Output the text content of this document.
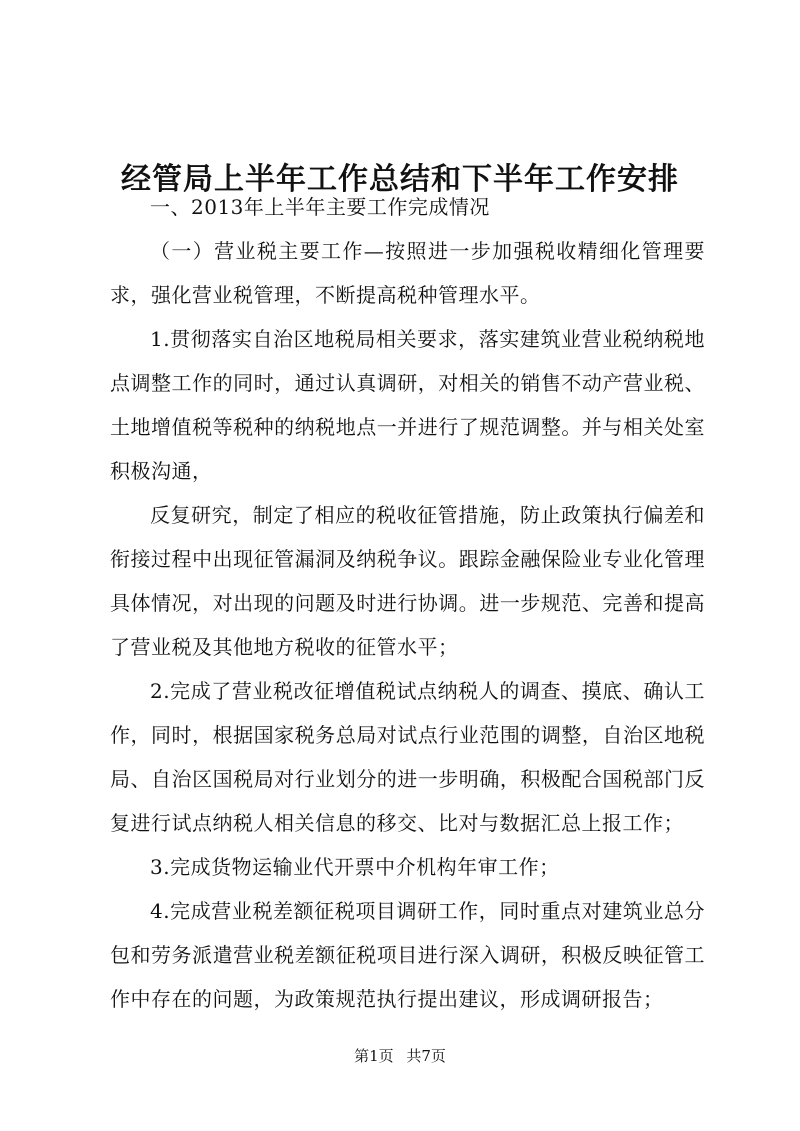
经管局上半年工作总结和下半年工作安排

一、2013年上半年主要工作完成情况

（一）营业税主要工作—按照进一步加强税收精细化管理要求，强化营业税管理，不断提高税种管理水平。

1.贯彻落实自治区地税局相关要求，落实建筑业营业税纳税地点调整工作的同时，通过认真调研，对相关的销售不动产营业税、土地增值税等税种的纳税地点一并进行了规范调整。并与相关处室积极沟通，

反复研究，制定了相应的税收征管措施，防止政策执行偏差和衔接过程中出现征管漏洞及纳税争议。跟踪金融保险业专业化管理具体情况，对出现的问题及时进行协调。进一步规范、完善和提高了营业税及其他地方税收的征管水平；

2.完成了营业税改征增值税试点纳税人的调查、摸底、确认工作，同时，根据国家税务总局对试点行业范围的调整，自治区地税局、自治区国税局对行业划分的进一步明确，积极配合国税部门反复进行试点纳税人相关信息的移交、比对与数据汇总上报工作；

3.完成货物运输业代开票中介机构年审工作；

4.完成营业税差额征税项目调研工作，同时重点对建筑业总分包和劳务派遣营业税差额征税项目进行深入调研，积极反映征管工作中存在的问题，为政策规范执行提出建议，形成调研报告；

第1页 共7页
